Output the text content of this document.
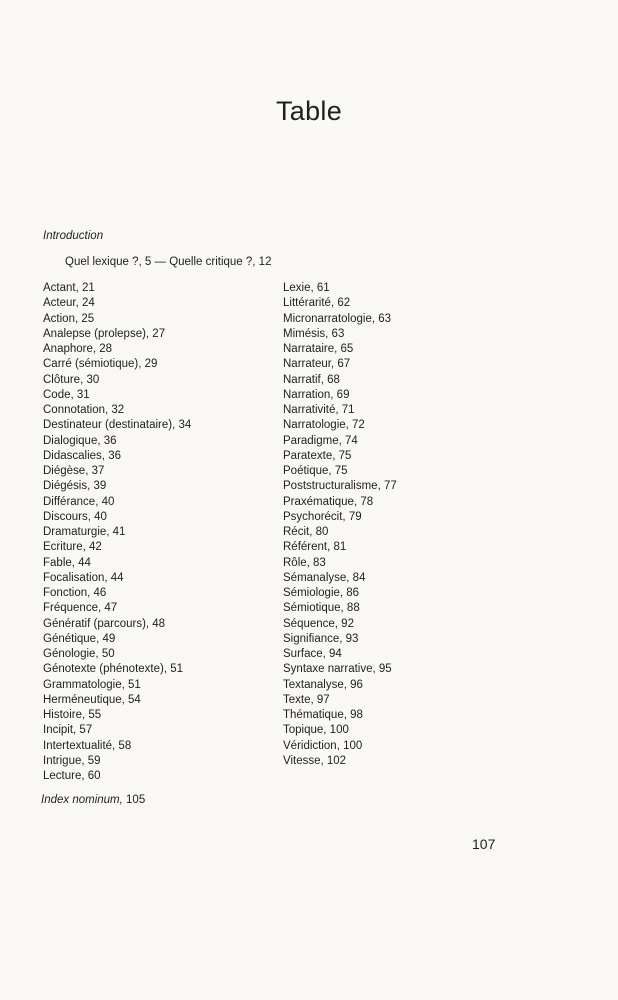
Table
Introduction
Quel lexique ?, 5 — Quelle critique ?, 12
Actant, 21
Acteur, 24
Action, 25
Analepse (prolepse), 27
Anaphore, 28
Carré (sémiotique), 29
Clôture, 30
Code, 31
Connotation, 32
Destinateur (destinataire), 34
Dialogique, 36
Didascalies, 36
Diégèse, 37
Diégésis, 39
Différance, 40
Discours, 40
Dramaturgie, 41
Ecriture, 42
Fable, 44
Focalisation, 44
Fonction, 46
Fréquence, 47
Génératif (parcours), 48
Génétique, 49
Génologie, 50
Génotexte (phénotexte), 51
Grammatologie, 51
Herméneutique, 54
Histoire, 55
Incipit, 57
Intertextualité, 58
Intrigue, 59
Lecture, 60
Lexie, 61
Littérarité, 62
Micronarratologie, 63
Mimésis, 63
Narrataire, 65
Narrateur, 67
Narratif, 68
Narration, 69
Narrativité, 71
Narratologie, 72
Paradigme, 74
Paratexte, 75
Poétique, 75
Poststructuralisme, 77
Praxématique, 78
Psychorécit, 79
Récit, 80
Référent, 81
Rôle, 83
Sémanalyse, 84
Sémiologie, 86
Sémiotique, 88
Séquence, 92
Signifiance, 93
Surface, 94
Syntaxe narrative, 95
Textanalyse, 96
Texte, 97
Thématique, 98
Topique, 100
Véridiction, 100
Vitesse, 102
Index nominum, 105
107
